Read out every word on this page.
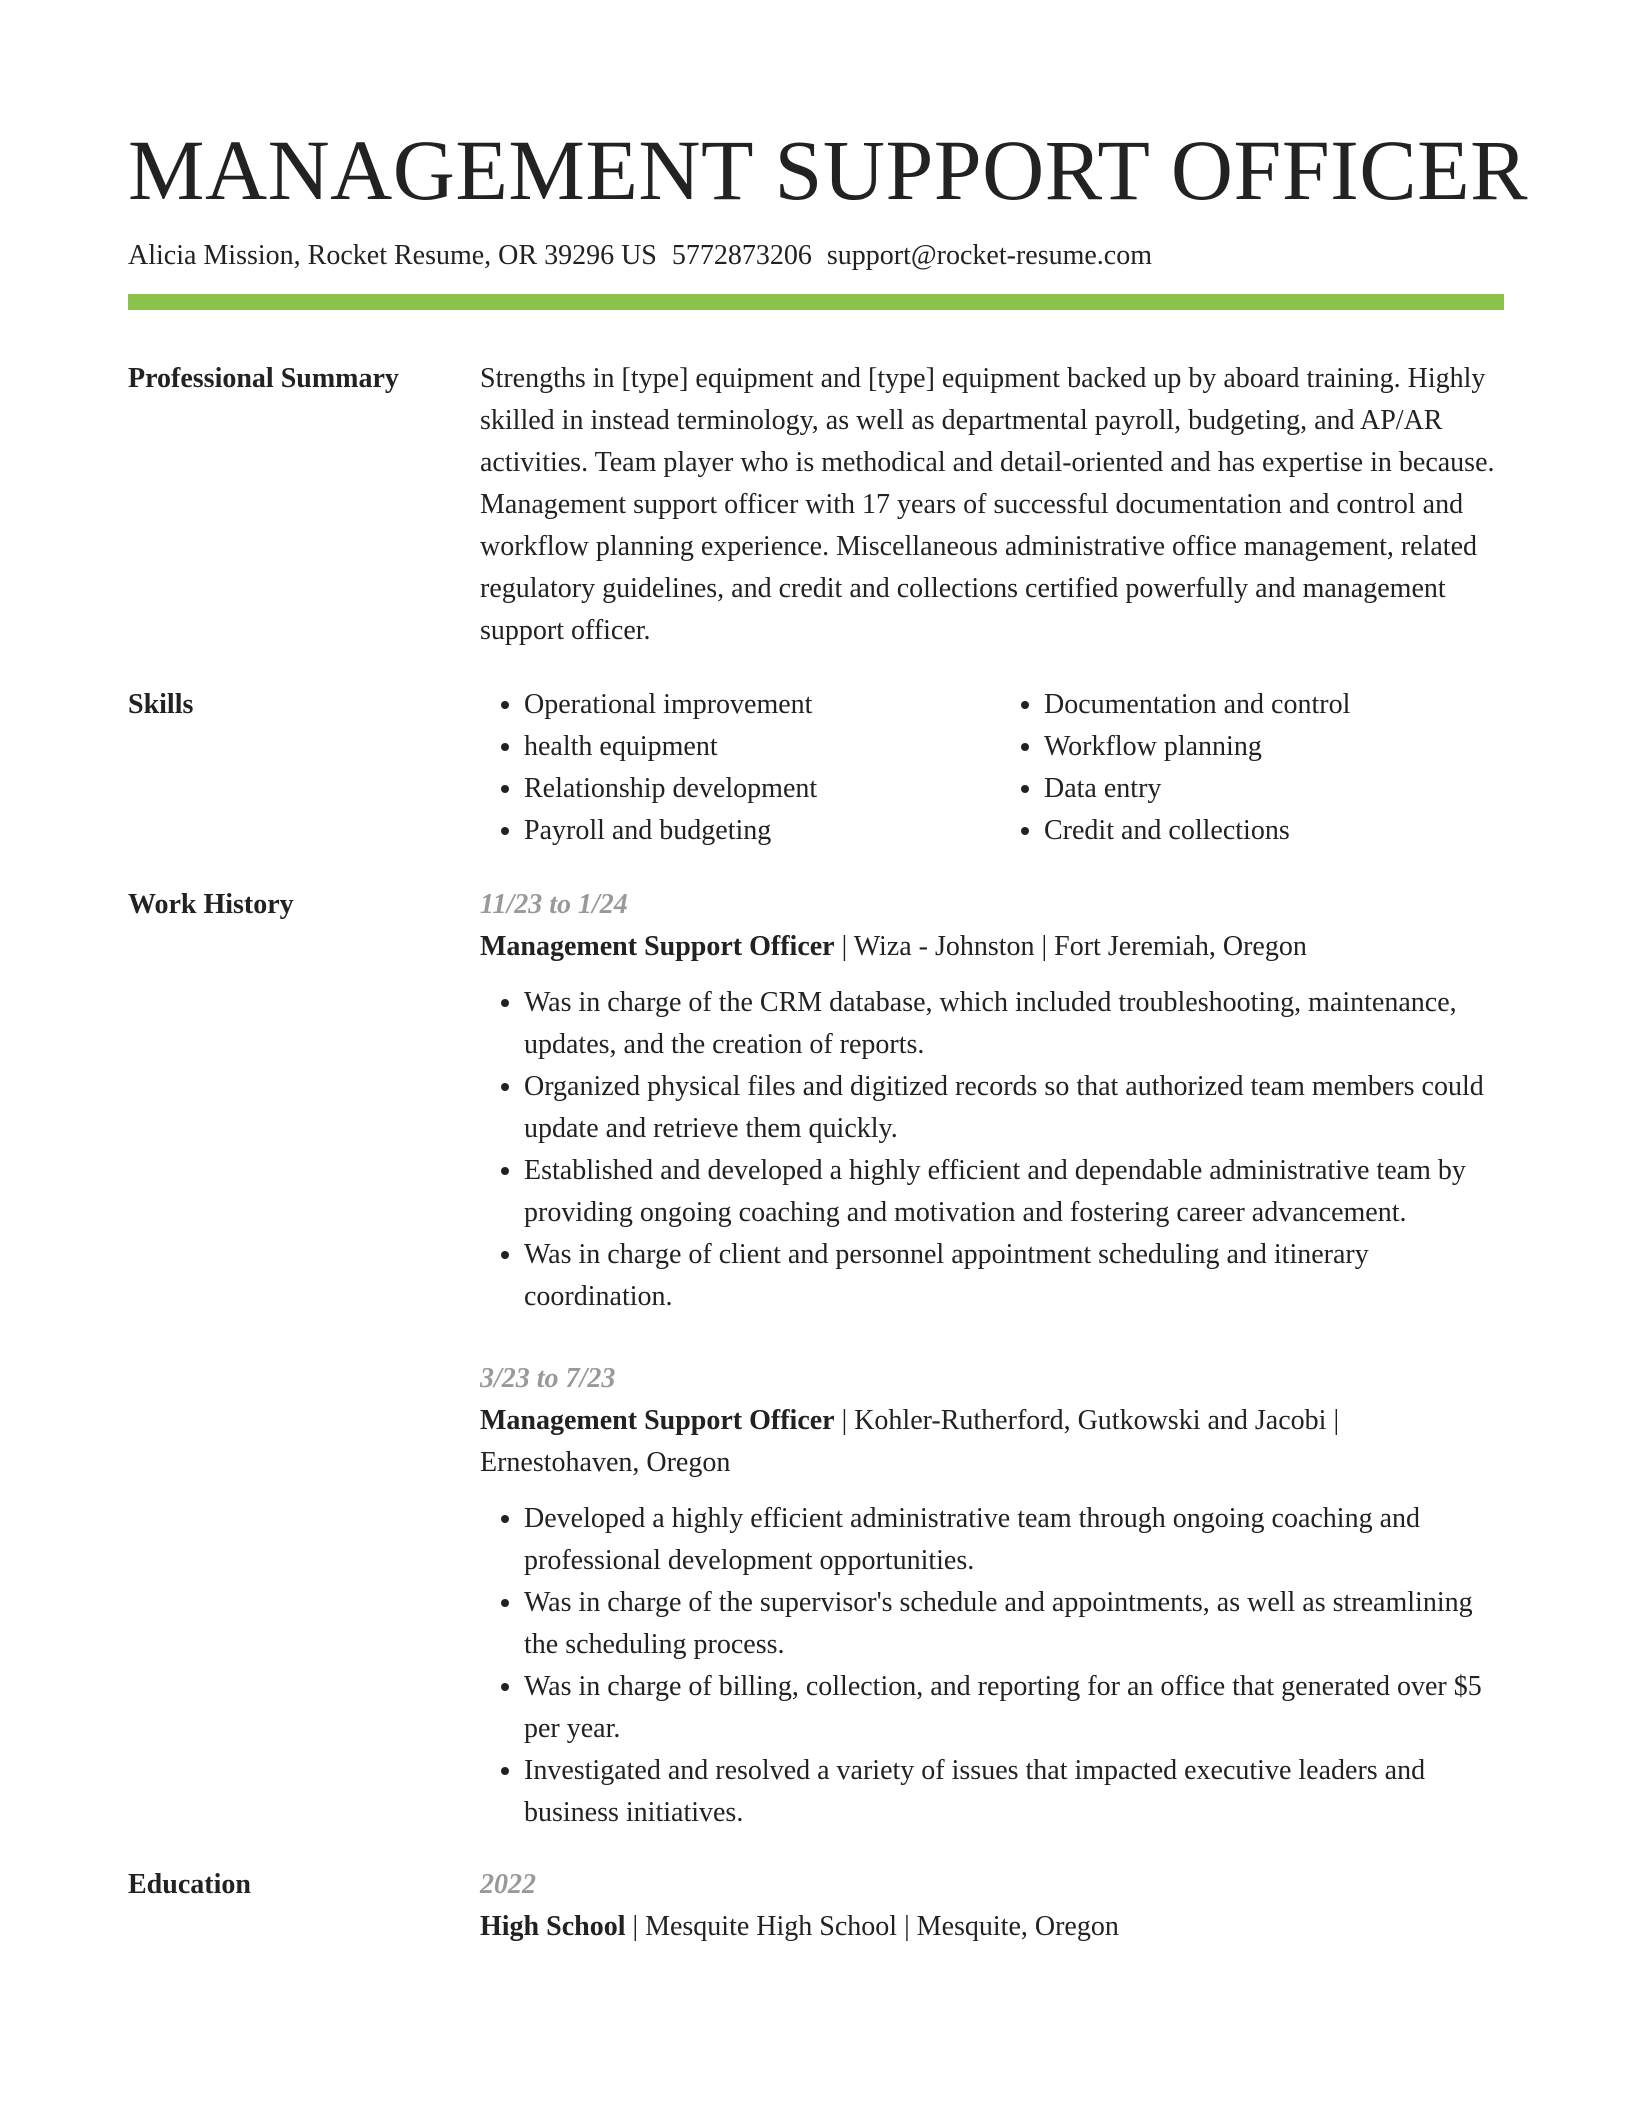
MANAGEMENT SUPPORT OFFICER
Alicia Mission, Rocket Resume, OR 39296 US 5772873206 support@rocket-resume.com
Professional Summary	Strengths in [type] equipment and [type] equipment backed up by aboard training. Highly skilled in instead terminology, as well as departmental payroll, budgeting, and AP/AR activities. Team player who is methodical and detail-oriented and has expertise in because. Management support officer with 17 years of successful documentation and control and workflow planning experience. Miscellaneous administrative office management, related regulatory guidelines, and credit and collections certified powerfully and management support officer.
Skills
•	Operational improvement
• health equipment
• Relationship development
• Payroll and budgeting
• Documentation and control
• Workflow planning
• Data entry
• Credit and collections
Work History	11/23 to 1/24
Management Support Officer | Wiza - Johnston | Fort Jeremiah, Oregon
• Was in charge of the CRM database, which included troubleshooting, maintenance, updates, and the creation of reports.
• Organized physical files and digitized records so that authorized team members could update and retrieve them quickly.
• Established and developed a highly efficient and dependable administrative team by providing ongoing coaching and motivation and fostering career advancement.
• Was in charge of client and personnel appointment scheduling and itinerary coordination.
3/23 to 7/23
Management Support Officer | Kohler-Rutherford, Gutkowski and Jacobi | Ernestohaven, Oregon
• Developed a highly efficient administrative team through ongoing coaching and professional development opportunities.
• Was in charge of the supervisor's schedule and appointments, as well as streamlining the scheduling process.
• Was in charge of billing, collection, and reporting for an office that generated over $5 per year.
• Investigated and resolved a variety of issues that impacted executive leaders and business initiatives.
Education	2022
High School | Mesquite High School | Mesquite, Oregon
